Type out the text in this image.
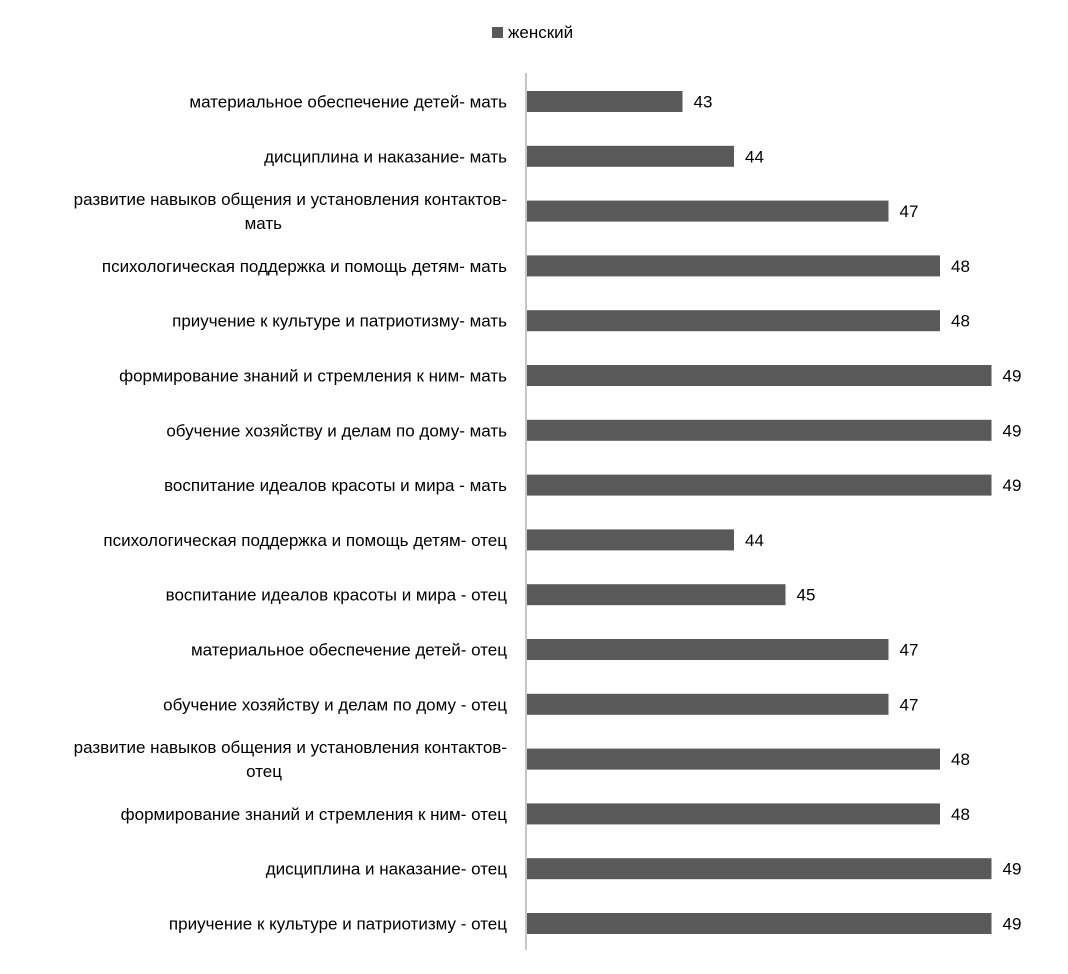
женский
43
материальное обеспечение детей- мать
44
дисциплина и наказание- мать
47
развитие навыков общения и установления контактов-мать
48
психологическая поддержка и помощь детям- мать
48
приучение к культуре и патриотизму- мать
49
формирование знаний и стремления к ним- мать
49
обучение хозяйству и делам по дому- мать
49
воспитание идеалов красоты и мира - мать
44
психологическая поддержка и помощь детям- отец
45
воспитание идеалов красоты и мира - отец
47
материальное обеспечение детей- отец
47
обучение хозяйству и делам по дому - отец
48
развитие навыков общения и установления контактов-отец
48
формирование знаний и стремления к ним- отец
49
дисциплина и наказание- отец
49
приучение к культуре и патриотизму - отец
